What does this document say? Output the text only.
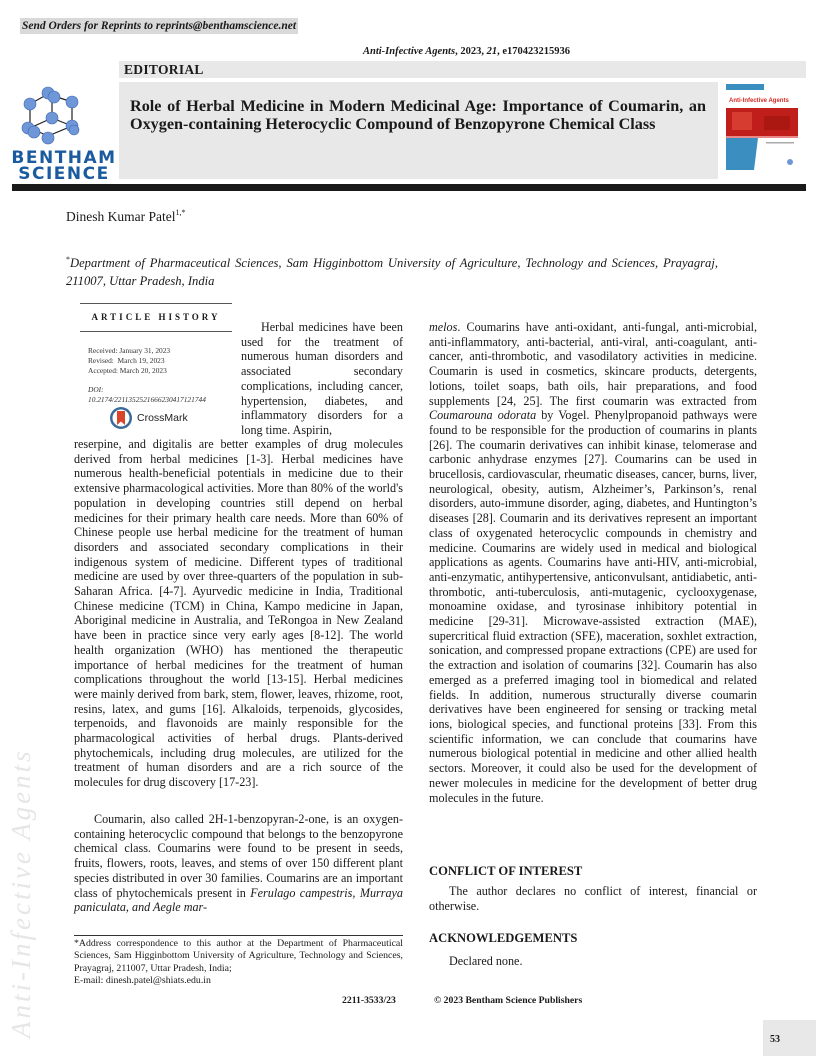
Send Orders for Reprints to reprints@benthamscience.net
Anti-Infective Agents, 2023, 21, e170423215936
EDITORIAL
BENTHAM
SCIENCE
Role of Herbal Medicine in Modern Medicinal Age: Importance of Coumarin, an Oxygen-containing Heterocyclic Compound of Benzopyrone Chemical Class
Anti-Infective Agents
Dinesh Kumar Patel$^{1,*}$
*Department of Pharmaceutical Sciences, Sam Higginbottom University of Agriculture, Technology and Sciences, Prayagraj, 211007, Uttar Pradesh, India
ARTICLE HISTORY
Received: January 31, 2023
Revised:  March 19, 2023
Accepted: March 20, 2023
DOI:
10.2174/2211352521666230417121744
CrossMark
Herbal medicines have been used for the treatment of numerous human disorders and associated secondary complications, including cancer, hypertension, diabetes, and inflammatory disorders for a long time. Aspirin,
reserpine, and digitalis are better examples of drug molecules derived from herbal medicines [1-3]. Herbal medicines have numerous health-beneficial potentials in medicine due to their extensive pharmacological activities. More than 80% of the world's population in developing countries still depend on herbal medicines for their primary health care needs. More than 60% of Chinese people use herbal medicine for the treatment of human disorders and associated secondary complications in their indigenous system of medicine. Different types of traditional medicine are used by over three-quarters of the population in sub-Saharan Africa. [4-7]. Ayurvedic medicine in India, Traditional Chinese medicine (TCM) in China, Kampo medicine in Japan, Aboriginal medicine in Australia, and TeRongoa in New Zealand have been in practice since very early ages [8-12]. The world health organization (WHO) has mentioned the therapeutic importance of herbal medicines for the treatment of human complications throughout the world [13-15]. Herbal medicines were mainly derived from bark, stem, flower, leaves, rhizome, root, resins, latex, and gums [16]. Alkaloids, terpenoids, glycosides, terpenoids, and flavonoids are mainly responsible for the pharmacological activities of herbal drugs. Plants-derived phytochemicals, including drug molecules, are utilized for the treatment of human disorders and are a rich source of the molecules for drug discovery [17-23].
Coumarin, also called 2H-1-benzopyran-2-one, is an oxygen-containing heterocyclic compound that belongs to the benzopyrone chemical class. Coumarins were found to be present in seeds, fruits, flowers, roots, leaves, and stems of over 150 different plant species distributed in over 30 families. Coumarins are an important class of phytochemicals present in Ferulago campestris, Murraya paniculata, and Aegle mar-
*Address correspondence to this author at the Department of Pharmaceutical Sciences, Sam Higginbottom University of Agriculture, Technology and Sciences, Prayagraj, 211007, Uttar Pradesh, India;
E-mail: dinesh.patel@shiats.edu.in
melos. Coumarins have anti-oxidant, anti-fungal, anti-microbial, anti-inflammatory, anti-bacterial, anti-viral, anti-coagulant, anti-cancer, anti-thrombotic, and vasodilatory activities in medicine. Coumarin is used in cosmetics, skincare products, detergents, lotions, toilet soaps, bath oils, hair preparations, and food supplements [24, 25]. The first coumarin was extracted from Coumarouna odorata by Vogel. Phenylpropanoid pathways were found to be responsible for the production of coumarins in plants [26]. The coumarin derivatives can inhibit kinase, telomerase and carbonic anhydrase enzymes [27]. Coumarins can be used in brucellosis, cardiovascular, rheumatic diseases, cancer, burns, liver, neurological, obesity, autism, Alzheimer’s, Parkinson’s, renal disorders, auto-immune disorder, aging, diabetes, and Huntington’s diseases [28]. Coumarin and its derivatives represent an important class of oxygenated heterocyclic compounds in chemistry and medicine. Coumarins are widely used in medical and biological applications as agents. Coumarins have anti-HIV, anti-microbial, anti-enzymatic, antihypertensive, anticonvulsant, antidiabetic, anti-thrombotic, anti-tuberculosis, anti-mutagenic, cyclooxygenase, monoamine oxidase, and tyrosinase inhibitory potential in medicine [29-31]. Microwave-assisted extraction (MAE), supercritical fluid extraction (SFE), maceration, soxhlet extraction, sonication, and compressed propane extractions (CPE) are used for the extraction and isolation of coumarins [32]. Coumarin has also emerged as a preferred imaging tool in biomedical and related fields. In addition, numerous structurally diverse coumarin derivatives have been engineered for sensing or tracking metal ions, biological species, and functional proteins [33]. From this scientific information, we can conclude that coumarins have numerous biological potential in medicine and other allied health sectors. Moreover, it could also be used for the development of newer molecules in medicine for the development of better drug molecules in the future.
CONFLICT OF INTEREST
The author declares no conflict of interest, financial or otherwise.
ACKNOWLEDGEMENTS
Declared none.
2211-3533/23	© 2023 Bentham Science Publishers
53
Anti-Infective Agents
